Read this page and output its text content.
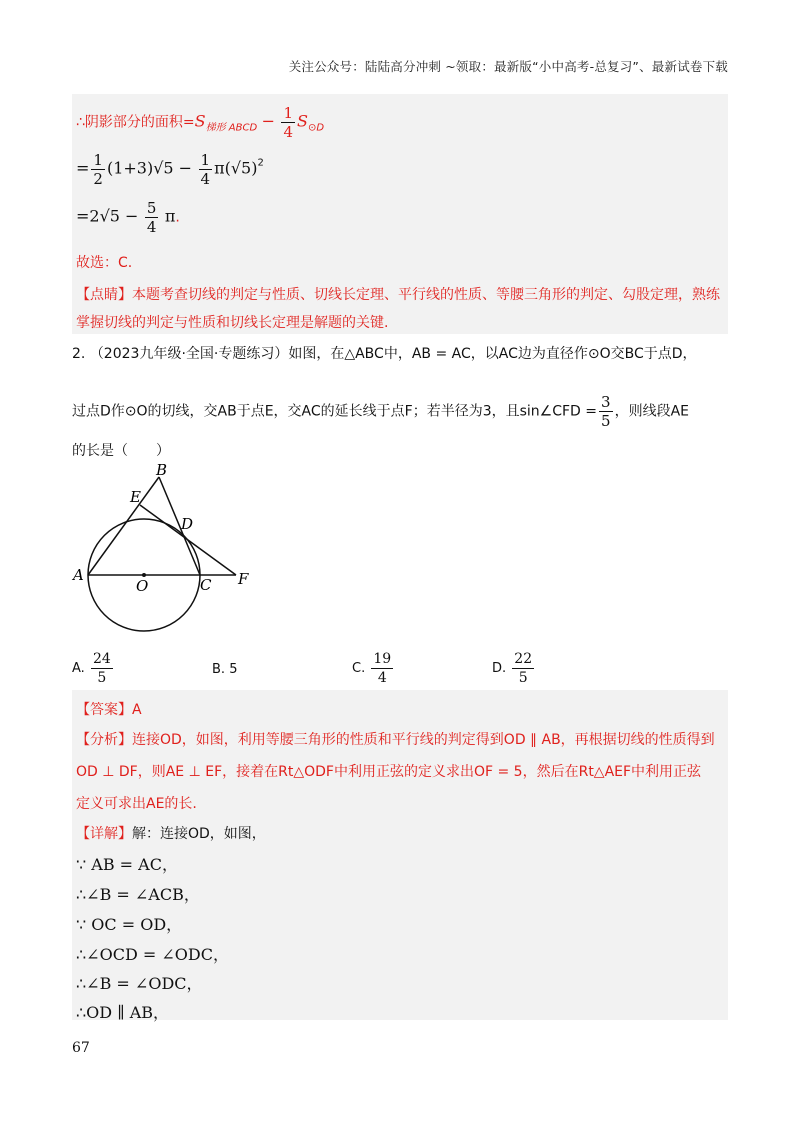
关注公众号：陆陆高分冲刺 ~领取：最新版“小中高考-总复习”、最新试卷下载
∴阴影部分的面积$=S_{梯形 ABCD} - \frac{1}{4} S_{⊙D}$
= $\frac{1}{2} (1+3)√5 - \frac{1}{4} \pi(√5)^2$
$=2√5 - \frac{5}{4} \pi$.
故选：C.
【点睛】本题考查切线的判定与性质、切线长定理、平行线的性质、等腰三角形的判定、勾股定理，熟练
掌握切线的判定与性质和切线长定理是解题的关键.
2. （2023九年级·全国·专题练习）如图，在△ABC中，AB = AC，以AC边为直径作⊙O交BC于点D，
过点D作⊙O的切线，交AB于点E，交AC的延长线于点F；若半径为3，且sin∠CFD = $\frac{3}{5}$ ，则线段AE
的长是（　　）
A
B
C
D
E
F
O
A. $\frac{24}{5}$	B. 5	C. $\frac{19}{4}$	D. $\frac{22}{5}$
【答案】A
【分析】连接OD，如图，利用等腰三角形的性质和平行线的判定得到OD ∥ AB，再根据切线的性质得到
OD ⊥ DF，则AE ⊥ EF，接着在Rt△ODF中利用正弦的定义求出OF = 5，然后在Rt△AEF中利用正弦
定义可求出AE的长.
【详解】解：连接OD，如图，
∵ AB = AC，
∴∠B = ∠ACB，
∵ OC = OD，
∴∠OCD = ∠ODC，
∴∠B = ∠ODC，
∴OD ∥ AB，
67
